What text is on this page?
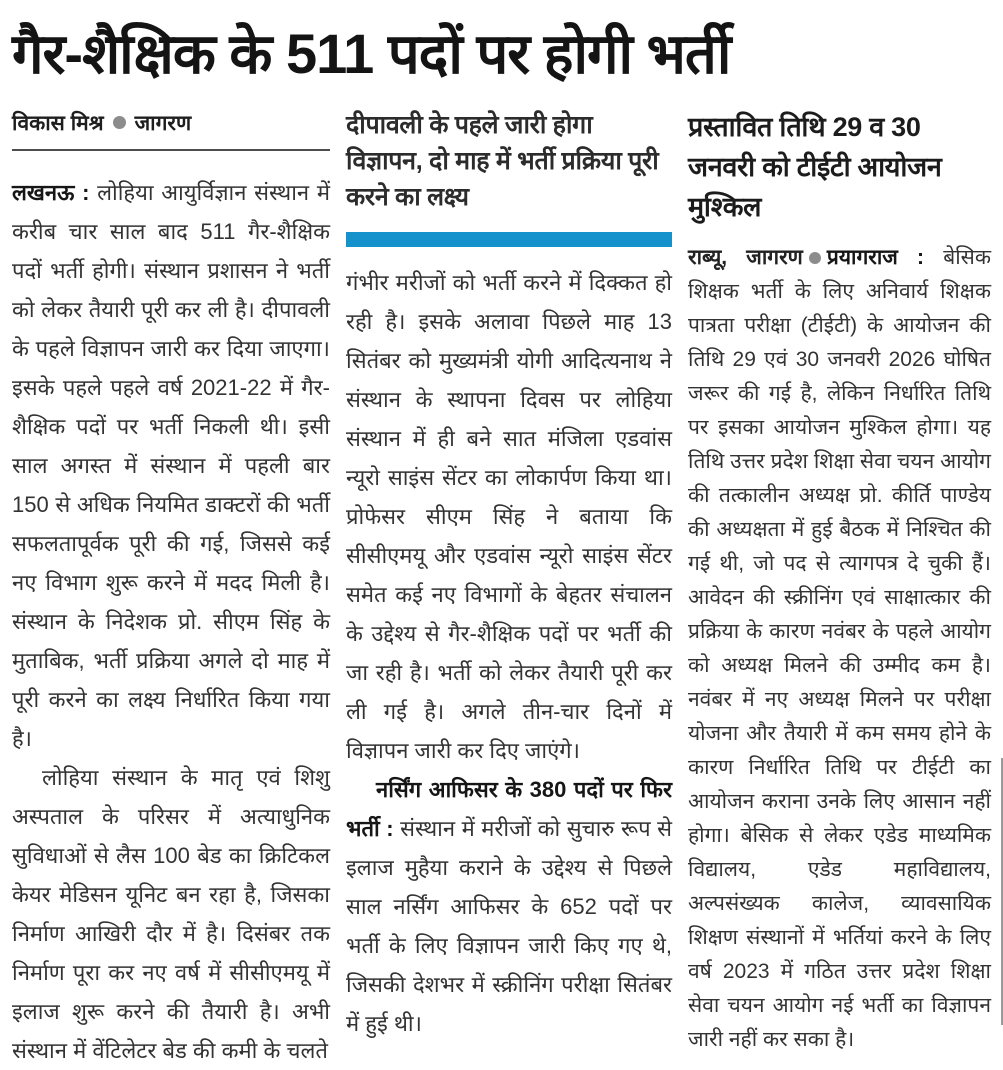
गैर-शैक्षिक के 511 पदों पर होगी भर्ती
विकास मिश्र जागरण

लखनऊ : लोहिया आयुर्विज्ञान संस्थान में करीब चार साल बाद 511 गैर-शैक्षिक पदों भर्ती होगी। संस्थान प्रशासन ने भर्ती को लेकर तैयारी पूरी कर ली है। दीपावली के पहले विज्ञापन जारी कर दिया जाएगा। इसके पहले पहले वर्ष 2021-22 में गैर-शैक्षिक पदों पर भर्ती निकली थी। इसी साल अगस्त में संस्थान में पहली बार 150 से अधिक नियमित डाक्टरों की भर्ती सफलतापूर्वक पूरी की गई, जिससे कई नए विभाग शुरू करने में मदद मिली है। संस्थान के निदेशक प्रो. सीएम सिंह के मुताबिक, भर्ती प्रक्रिया अगले दो माह में पूरी करने का लक्ष्य निर्धारित किया गया है।

लोहिया संस्थान के मातृ एवं शिशु अस्पताल के परिसर में अत्याधुनिक सुविधाओं से लैस 100 बेड का क्रिटिकल केयर मेडिसन यूनिट बन रहा है, जिसका निर्माण आखिरी दौर में है। दिसंबर तक निर्माण पूरा कर नए वर्ष में सीसीएमयू में इलाज शुरू करने की तैयारी है। अभी संस्थान में वेंटिलेटर बेड की कमी के चलते

दीपावली के पहले जारी होगा विज्ञापन, दो माह में भर्ती प्रक्रिया पूरी करने का लक्ष्य

गंभीर मरीजों को भर्ती करने में दिक्कत हो रही है। इसके अलावा पिछले माह 13 सितंबर को मुख्यमंत्री योगी आदित्यनाथ ने संस्थान के स्थापना दिवस पर लोहिया संस्थान में ही बने सात मंजिला एडवांस न्यूरो साइंस सेंटर का लोकार्पण किया था। प्रोफेसर सीएम सिंह ने बताया कि सीसीएमयू और एडवांस न्यूरो साइंस सेंटर समेत कई नए विभागों के बेहतर संचालन के उद्देश्य से गैर-शैक्षिक पदों पर भर्ती की जा रही है। भर्ती को लेकर तैयारी पूरी कर ली गई है। अगले तीन-चार दिनों में विज्ञापन जारी कर दिए जाएंगे।

नर्सिंग आफिसर के 380 पदों पर फिर भर्ती : संस्थान में मरीजों को सुचारु रूप से इलाज मुहैया कराने के उद्देश्य से पिछले साल नर्सिंग आफिसर के 652 पदों पर भर्ती के लिए विज्ञापन जारी किए गए थे, जिसकी देशभर में स्क्रीनिंग परीक्षा सितंबर में हुई थी।

प्रस्तावित तिथि 29 व 30 जनवरी को टीईटी आयोजन मुश्किल

राब्यू, जागरण प्रयागराज : बेसिक शिक्षक भर्ती के लिए अनिवार्य शिक्षक पात्रता परीक्षा (टीईटी) के आयोजन की तिथि 29 एवं 30 जनवरी 2026 घोषित जरूर की गई है, लेकिन निर्धारित तिथि पर इसका आयोजन मुश्किल होगा। यह तिथि उत्तर प्रदेश शिक्षा सेवा चयन आयोग की तत्कालीन अध्यक्ष प्रो. कीर्ति पाण्डेय की अध्यक्षता में हुई बैठक में निश्चित की गई थी, जो पद से त्यागपत्र दे चुकी हैं। आवेदन की स्क्रीनिंग एवं साक्षात्कार की प्रक्रिया के कारण नवंबर के पहले आयोग को अध्यक्ष मिलने की उम्मीद कम है। नवंबर में नए अध्यक्ष मिलने पर परीक्षा योजना और तैयारी में कम समय होने के कारण निर्धारित तिथि पर टीईटी का आयोजन कराना उनके लिए आसान नहीं होगा। बेसिक से लेकर एडेड माध्यमिक विद्यालय, एडेड महाविद्यालय, अल्पसंख्यक कालेज, व्यावसायिक शिक्षण संस्थानों में भर्तियां करने के लिए वर्ष 2023 में गठित उत्तर प्रदेश शिक्षा सेवा चयन आयोग नई भर्ती का विज्ञापन जारी नहीं कर सका है।
